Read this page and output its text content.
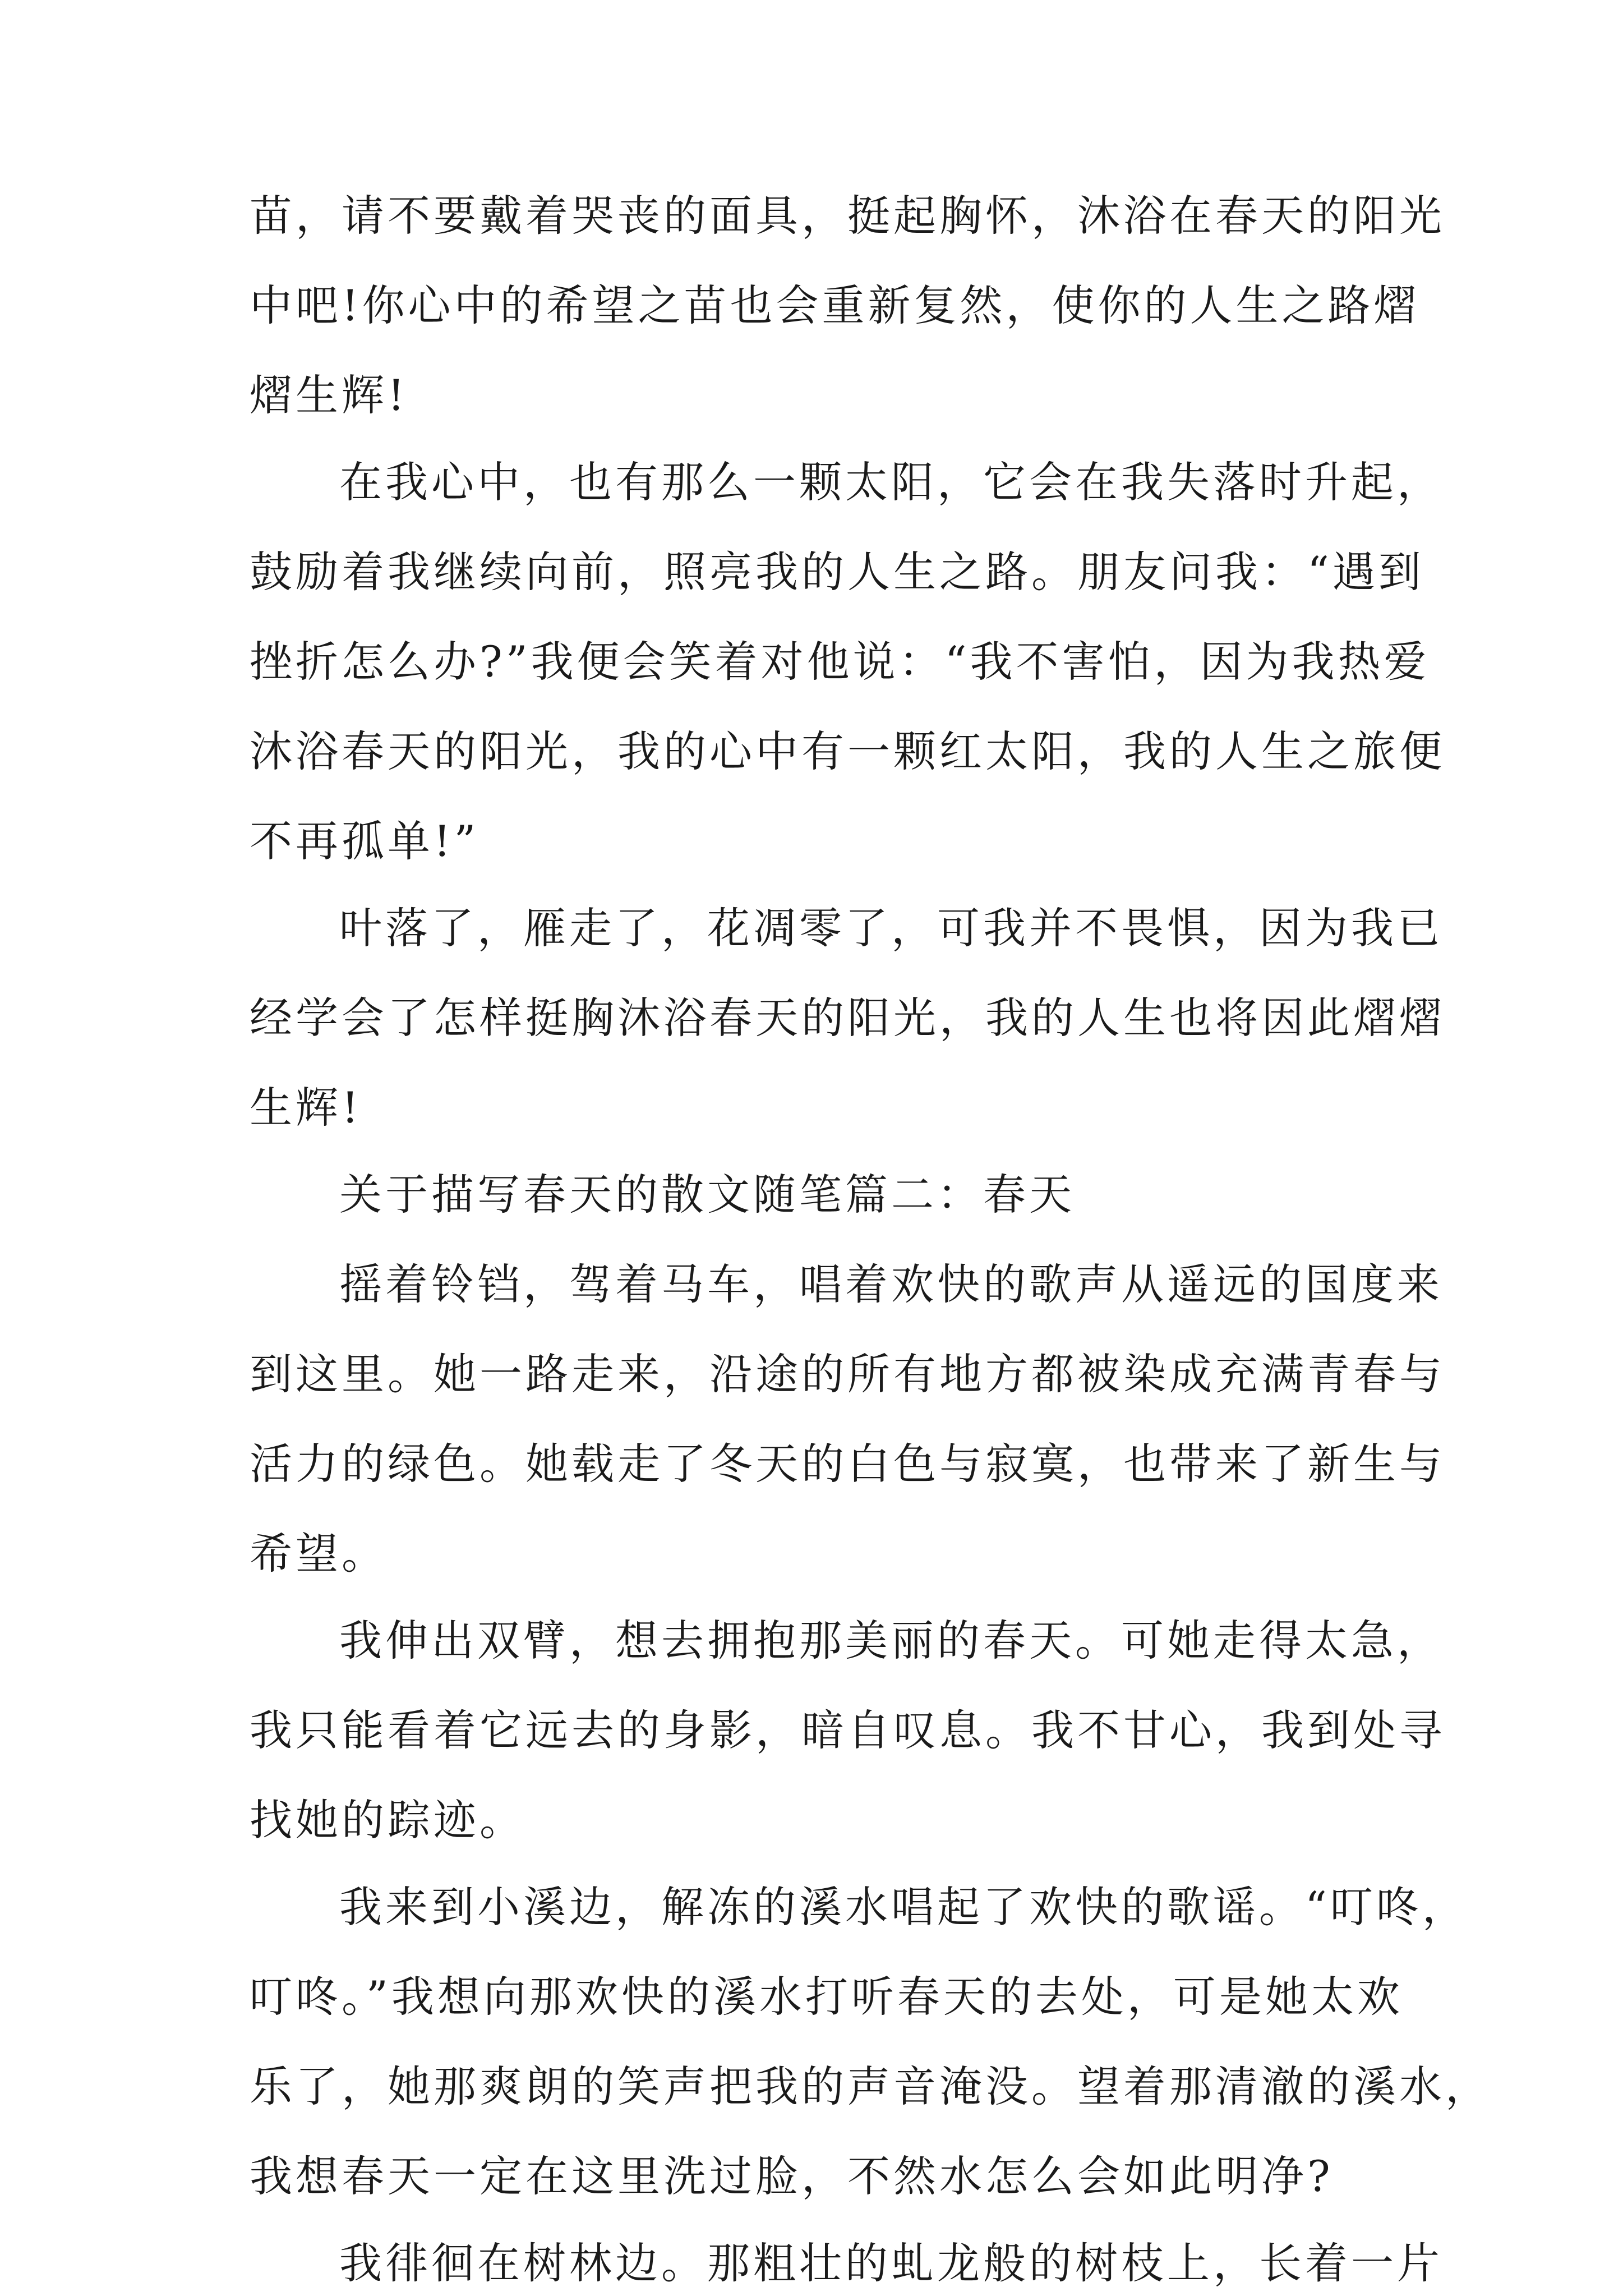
苗，请不要戴着哭丧的面具，挺起胸怀，沐浴在春天的阳光
中吧!你心中的希望之苗也会重新复然，使你的人生之路熠
熠生辉!
在我心中，也有那么一颗太阳，它会在我失落时升起，
鼓励着我继续向前，照亮我的人生之路。朋友问我：“遇到
挫折怎么办?”我便会笑着对他说：“我不害怕，因为我热爱
沐浴春天的阳光，我的心中有一颗红太阳，我的人生之旅便
不再孤单!”
叶落了，雁走了，花凋零了，可我并不畏惧，因为我已
经学会了怎样挺胸沐浴春天的阳光，我的人生也将因此熠熠
生辉!
关于描写春天的散文随笔篇二：春天
摇着铃铛，驾着马车，唱着欢快的歌声从遥远的国度来
到这里。她一路走来，沿途的所有地方都被染成充满青春与
活力的绿色。她载走了冬天的白色与寂寞，也带来了新生与
希望。
我伸出双臂，想去拥抱那美丽的春天。可她走得太急，
我只能看着它远去的身影，暗自叹息。我不甘心，我到处寻
找她的踪迹。
我来到小溪边，解冻的溪水唱起了欢快的歌谣。“叮咚，
叮咚。”我想向那欢快的溪水打听春天的去处，可是她太欢
乐了，她那爽朗的笑声把我的声音淹没。望着那清澈的溪水，
我想春天一定在这里洗过脸，不然水怎么会如此明净?
我徘徊在树林边。那粗壮的虬龙般的树枝上，长着一片
